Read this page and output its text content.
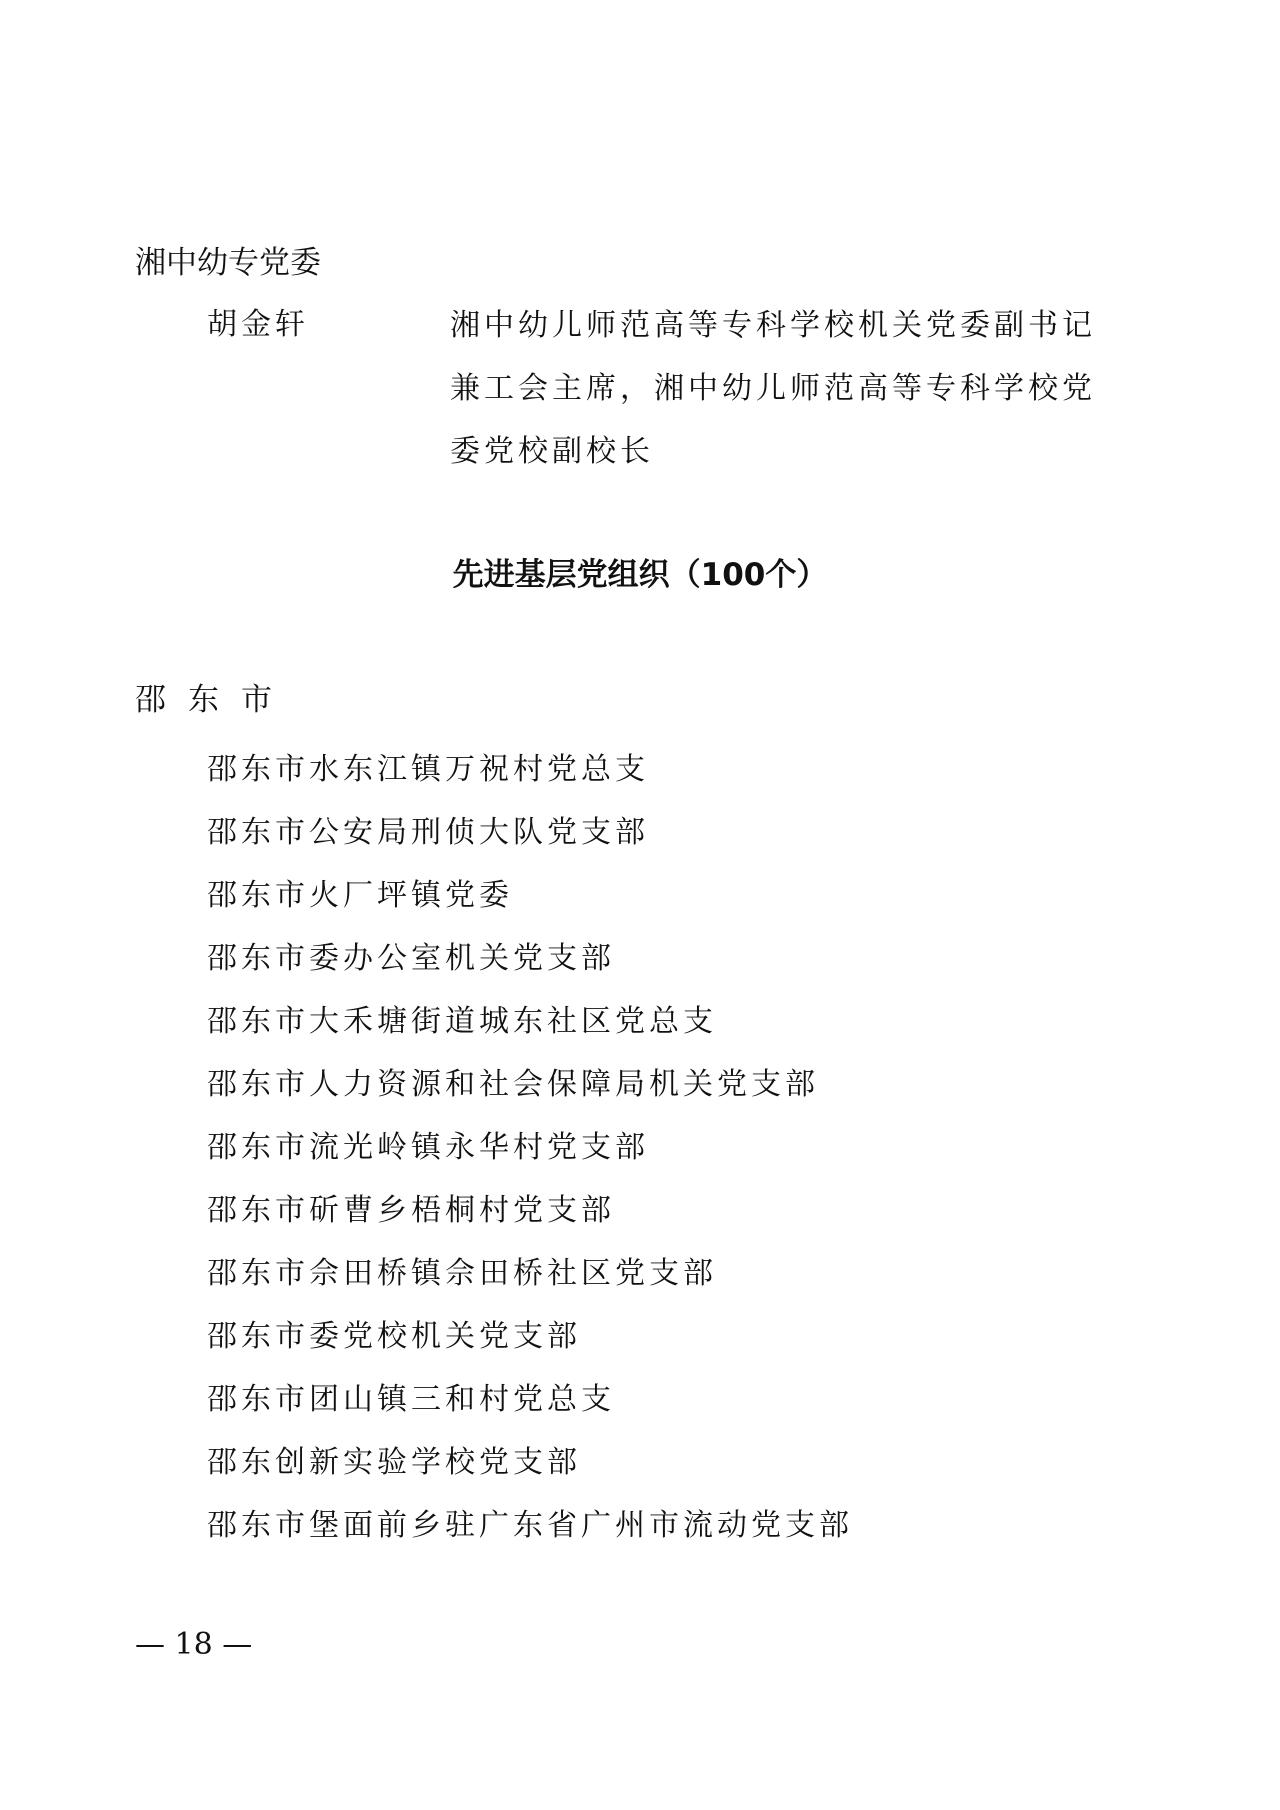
湘中幼专党委
胡金轩	湘中幼儿师范高等专科学校机关党委副书记兼工会主席，湘中幼儿师范高等专科学校党委党校副校长
先进基层党组织（100个）
邵东市
邵东市水东江镇万祝村党总支
邵东市公安局刑侦大队党支部
邵东市火厂坪镇党委
邵东市委办公室机关党支部
邵东市大禾塘街道城东社区党总支
邵东市人力资源和社会保障局机关党支部
邵东市流光岭镇永华村党支部
邵东市斫曹乡梧桐村党支部
邵东市佘田桥镇佘田桥社区党支部
邵东市委党校机关党支部
邵东市团山镇三和村党总支
邵东创新实验学校党支部
邵东市堡面前乡驻广东省广州市流动党支部
— 18 —
